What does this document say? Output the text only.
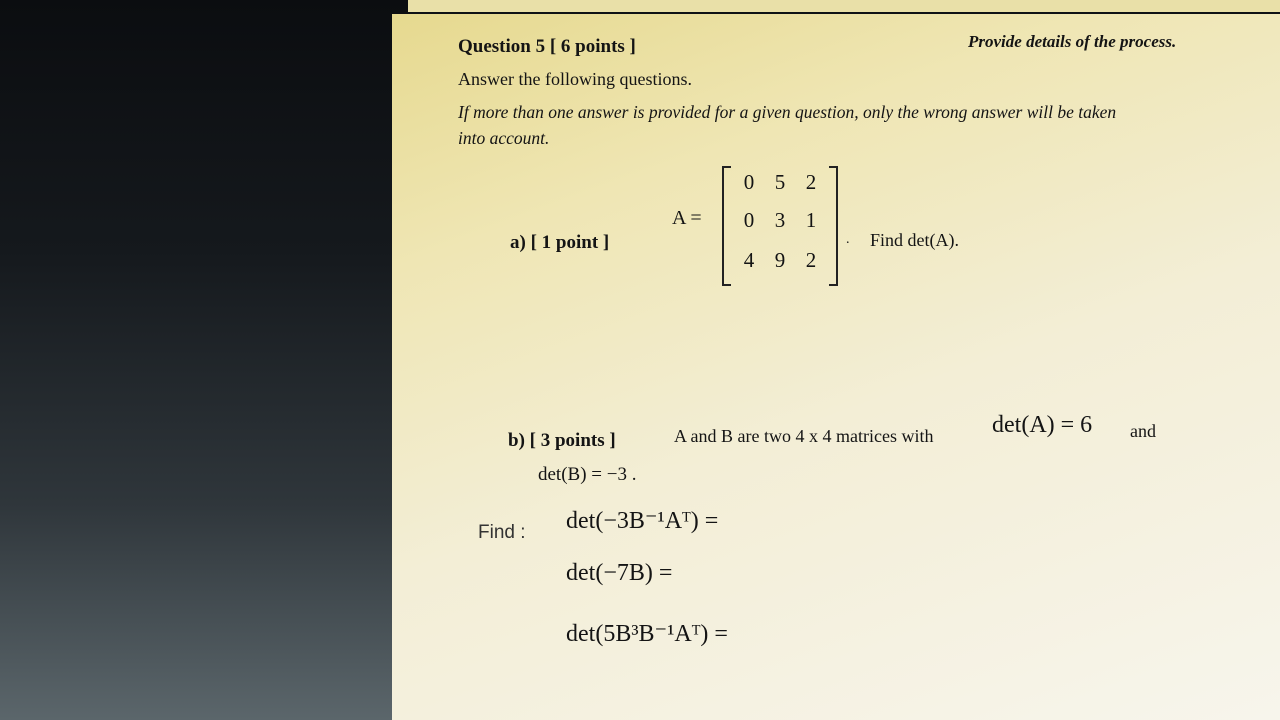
Question 5 [ 6 points ]	Provide details of the process.
Answer the following questions.
If more than one answer is provided for a given question, only the wrong answer will be taken
into account.
a) [ 1 point ]
A =
0 5 2
0 3 1
4 9 2
. Find det(A).
b) [ 3 points ]	A and B are two 4 x 4 matrices with det(A) = 6 and
det(B) = −3 .
Find : det(−3B⁻¹Aᵀ) =
det(−7B) =
det(5B³B⁻¹Aᵀ) =
